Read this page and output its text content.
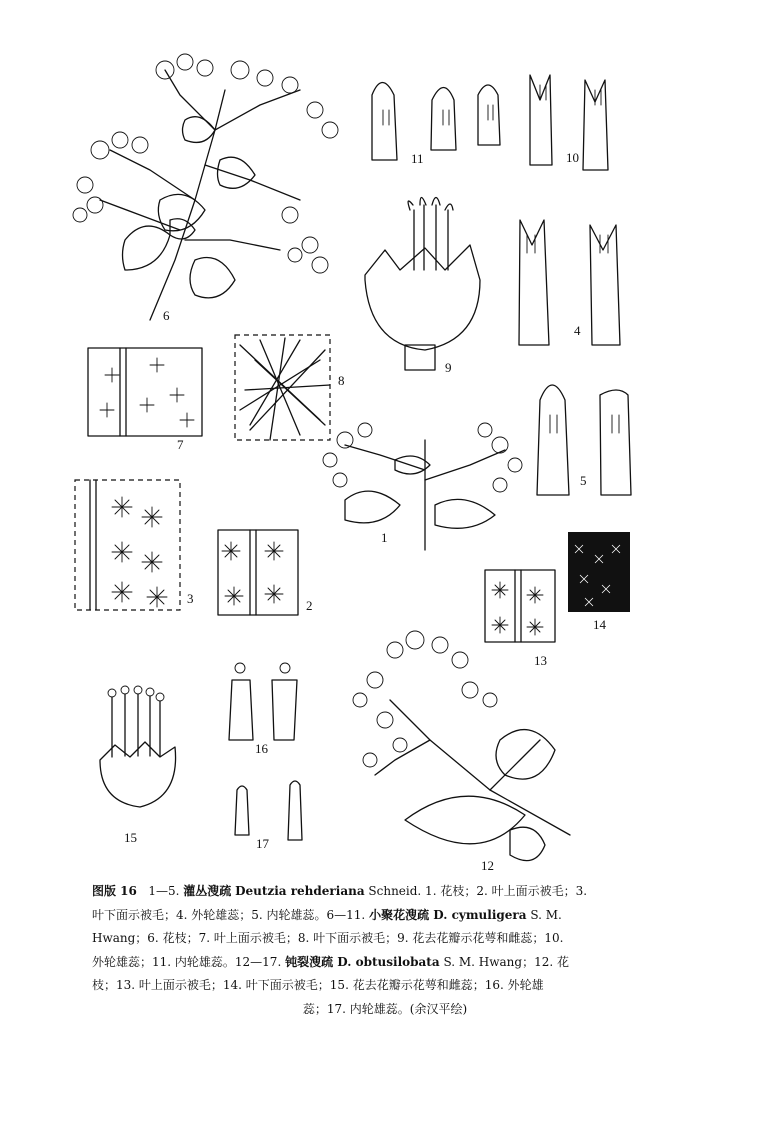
6
11	10
9
4
7
8
5
1
3	2
13
14
15
16
17
12
图版 16 1—5. 灌丛溲疏 Deutzia rehderiana Schneid. 1. 花枝；2. 叶上面示被毛；3.
叶下面示被毛；4. 外轮雄蕊；5. 内轮雄蕊。6—11. 小聚花溲疏 D. cymuligera S. M.
Hwang；6. 花枝；7. 叶上面示被毛；8. 叶下面示被毛；9. 花去花瓣示花萼和雌蕊；10.
外轮雄蕊；11. 内轮雄蕊。12—17. 钝裂溲疏 D. obtusilobata S. M. Hwang；12. 花
枝；13. 叶上面示被毛；14. 叶下面示被毛；15. 花去花瓣示花萼和雌蕊；16. 外轮雄
蕊；17. 内轮雄蕊。(余汉平绘)
